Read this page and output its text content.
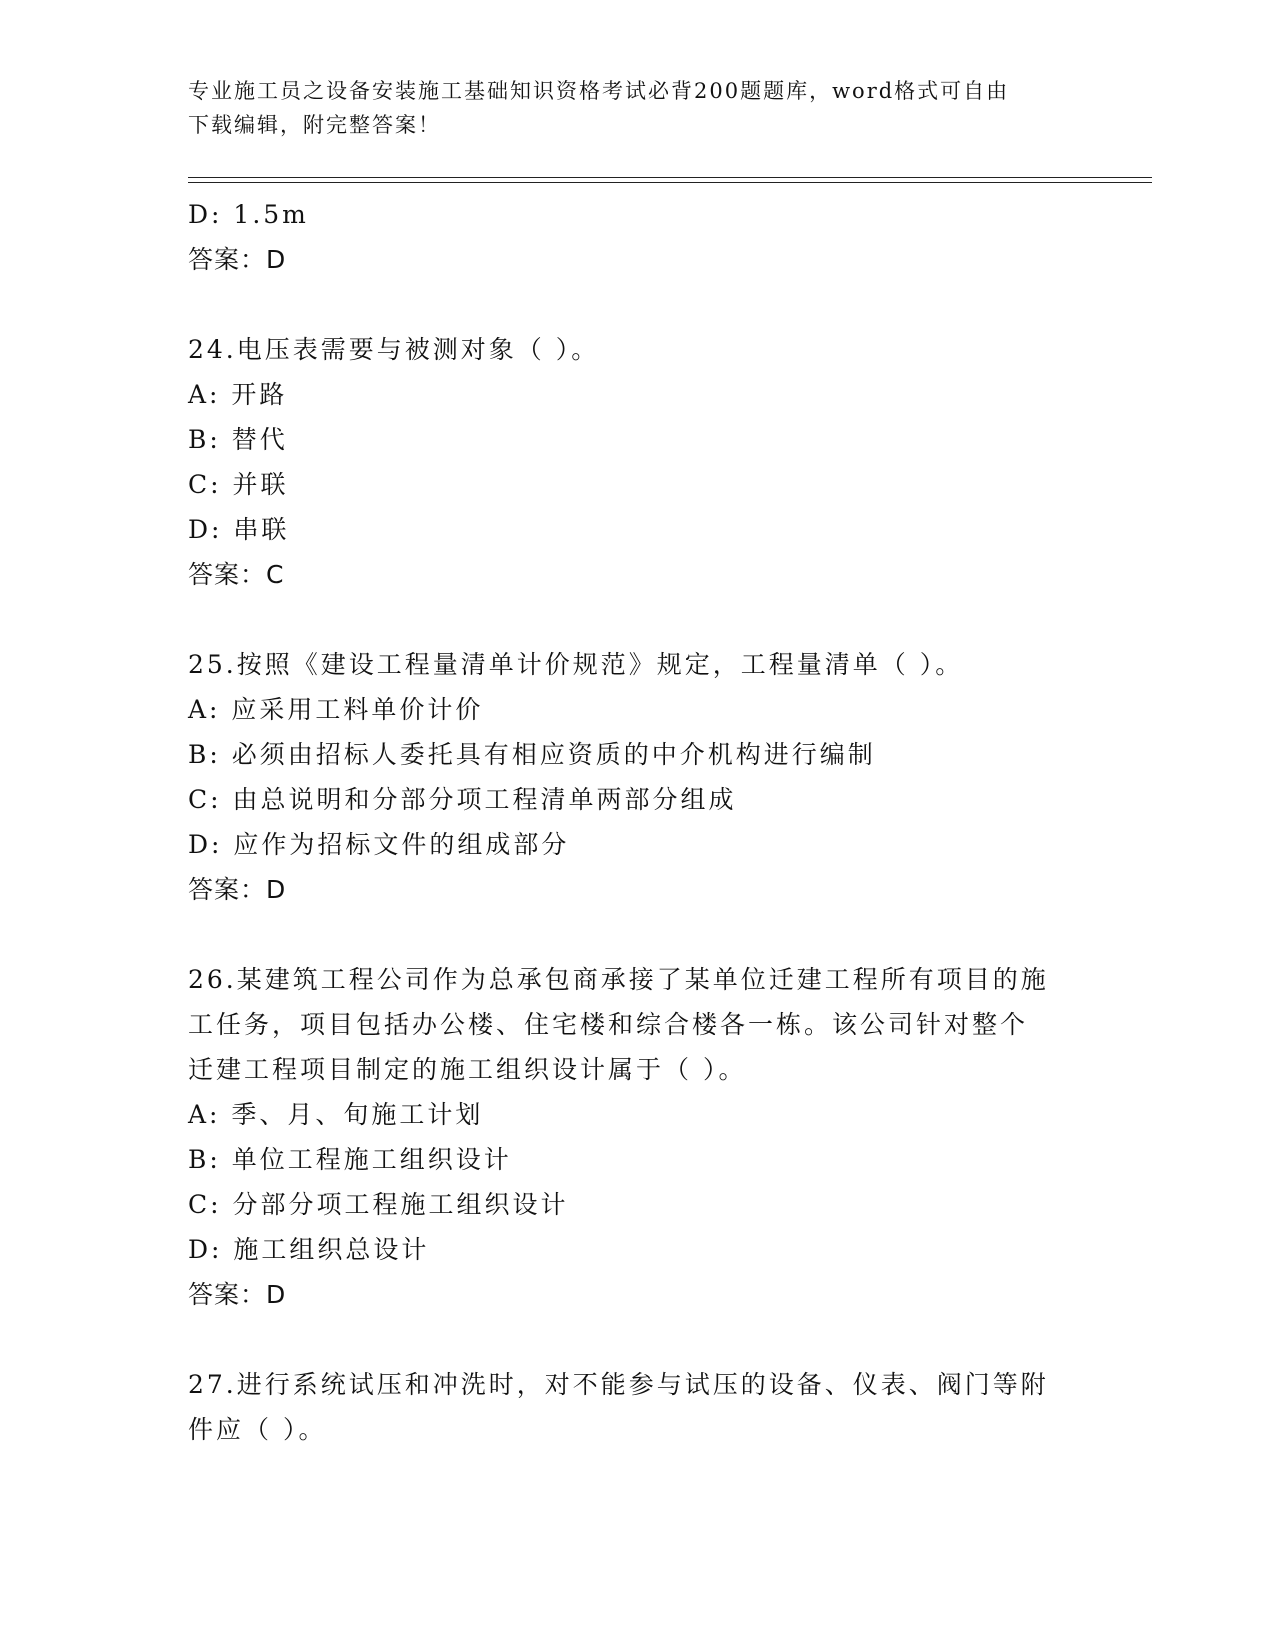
专业施工员之设备安装施工基础知识资格考试必背200题题库，word格式可自由
下载编辑，附完整答案！
D: 1.5m
答案：D
24.电压表需要与被测对象（ ）。
A: 开路
B: 替代
C: 并联
D: 串联
答案：C
25.按照《建设工程量清单计价规范》规定，工程量清单（ ）。
A: 应采用工料单价计价
B: 必须由招标人委托具有相应资质的中介机构进行编制
C: 由总说明和分部分项工程清单两部分组成
D: 应作为招标文件的组成部分
答案：D
26.某建筑工程公司作为总承包商承接了某单位迁建工程所有项目的施
工任务，项目包括办公楼、住宅楼和综合楼各一栋。该公司针对整个
迁建工程项目制定的施工组织设计属于（ ）。
A: 季、月、旬施工计划
B: 单位工程施工组织设计
C: 分部分项工程施工组织设计
D: 施工组织总设计
答案：D
27.进行系统试压和冲洗时，对不能参与试压的设备、仪表、阀门等附
件应（ ）。
